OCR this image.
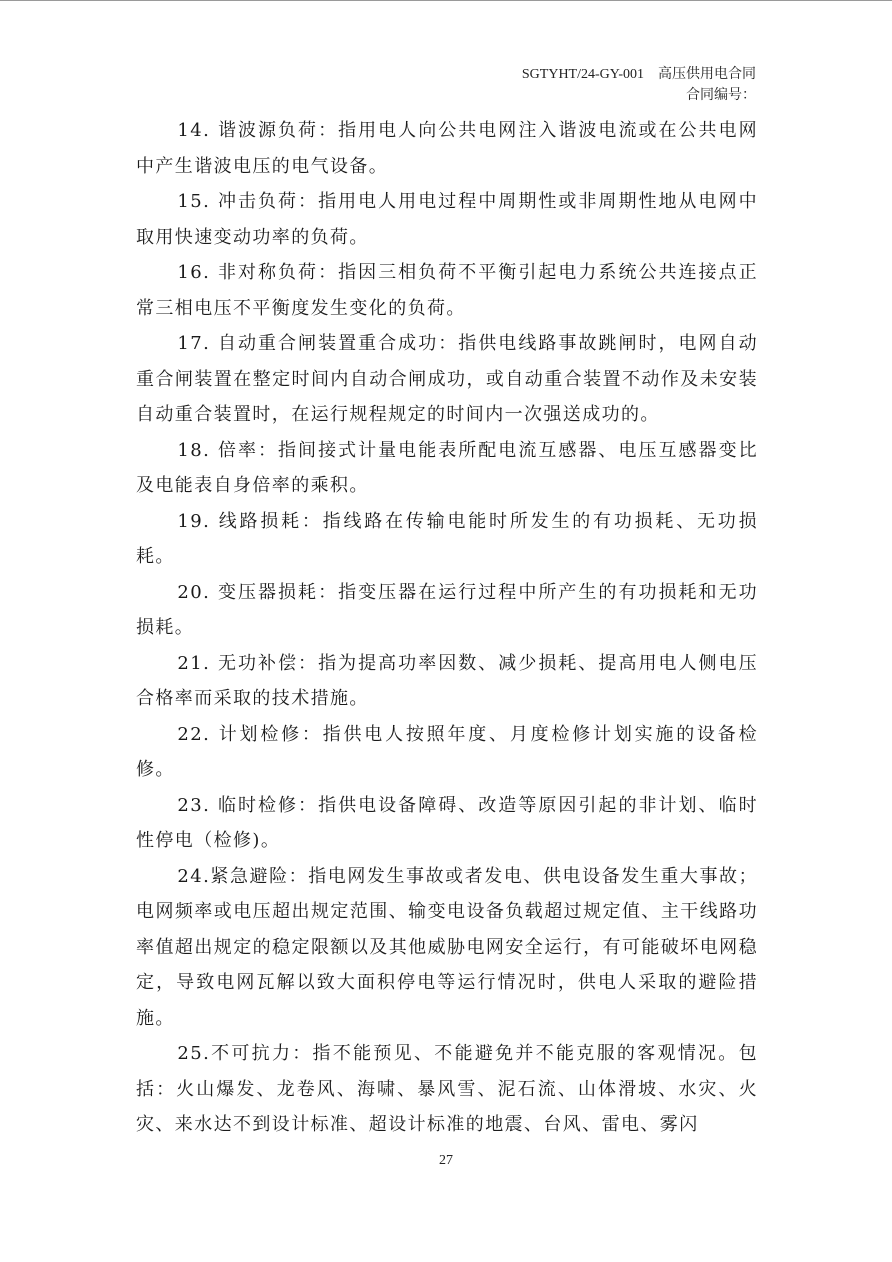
SGTYHT/24-GY-001 高压供用电合同
合同编号：

14. 谐波源负荷：指用电人向公共电网注入谐波电流或在公共电网中产生谐波电压的电气设备。

15. 冲击负荷：指用电人用电过程中周期性或非周期性地从电网中取用快速变动功率的负荷。

16. 非对称负荷：指因三相负荷不平衡引起电力系统公共连接点正常三相电压不平衡度发生变化的负荷。

17. 自动重合闸装置重合成功：指供电线路事故跳闸时，电网自动重合闸装置在整定时间内自动合闸成功，或自动重合装置不动作及未安装自动重合装置时，在运行规程规定的时间内一次强送成功的。

18. 倍率：指间接式计量电能表所配电流互感器、电压互感器变比及电能表自身倍率的乘积。

19. 线路损耗：指线路在传输电能时所发生的有功损耗、无功损耗。

20. 变压器损耗：指变压器在运行过程中所产生的有功损耗和无功损耗。

21. 无功补偿：指为提高功率因数、减少损耗、提高用电人侧电压合格率而采取的技术措施。

22. 计划检修：指供电人按照年度、月度检修计划实施的设备检修。

23. 临时检修：指供电设备障碍、改造等原因引起的非计划、临时性停电（检修)。

24.紧急避险：指电网发生事故或者发电、供电设备发生重大事故；电网频率或电压超出规定范围、输变电设备负载超过规定值、主干线路功率值超出规定的稳定限额以及其他威胁电网安全运行，有可能破坏电网稳定，导致电网瓦解以致大面积停电等运行情况时，供电人采取的避险措施。

25.不可抗力：指不能预见、不能避免并不能克服的客观情况。包括：火山爆发、龙卷风、海啸、暴风雪、泥石流、山体滑坡、水灾、火灾、来水达不到设计标准、超设计标准的地震、台风、雷电、雾闪

27
